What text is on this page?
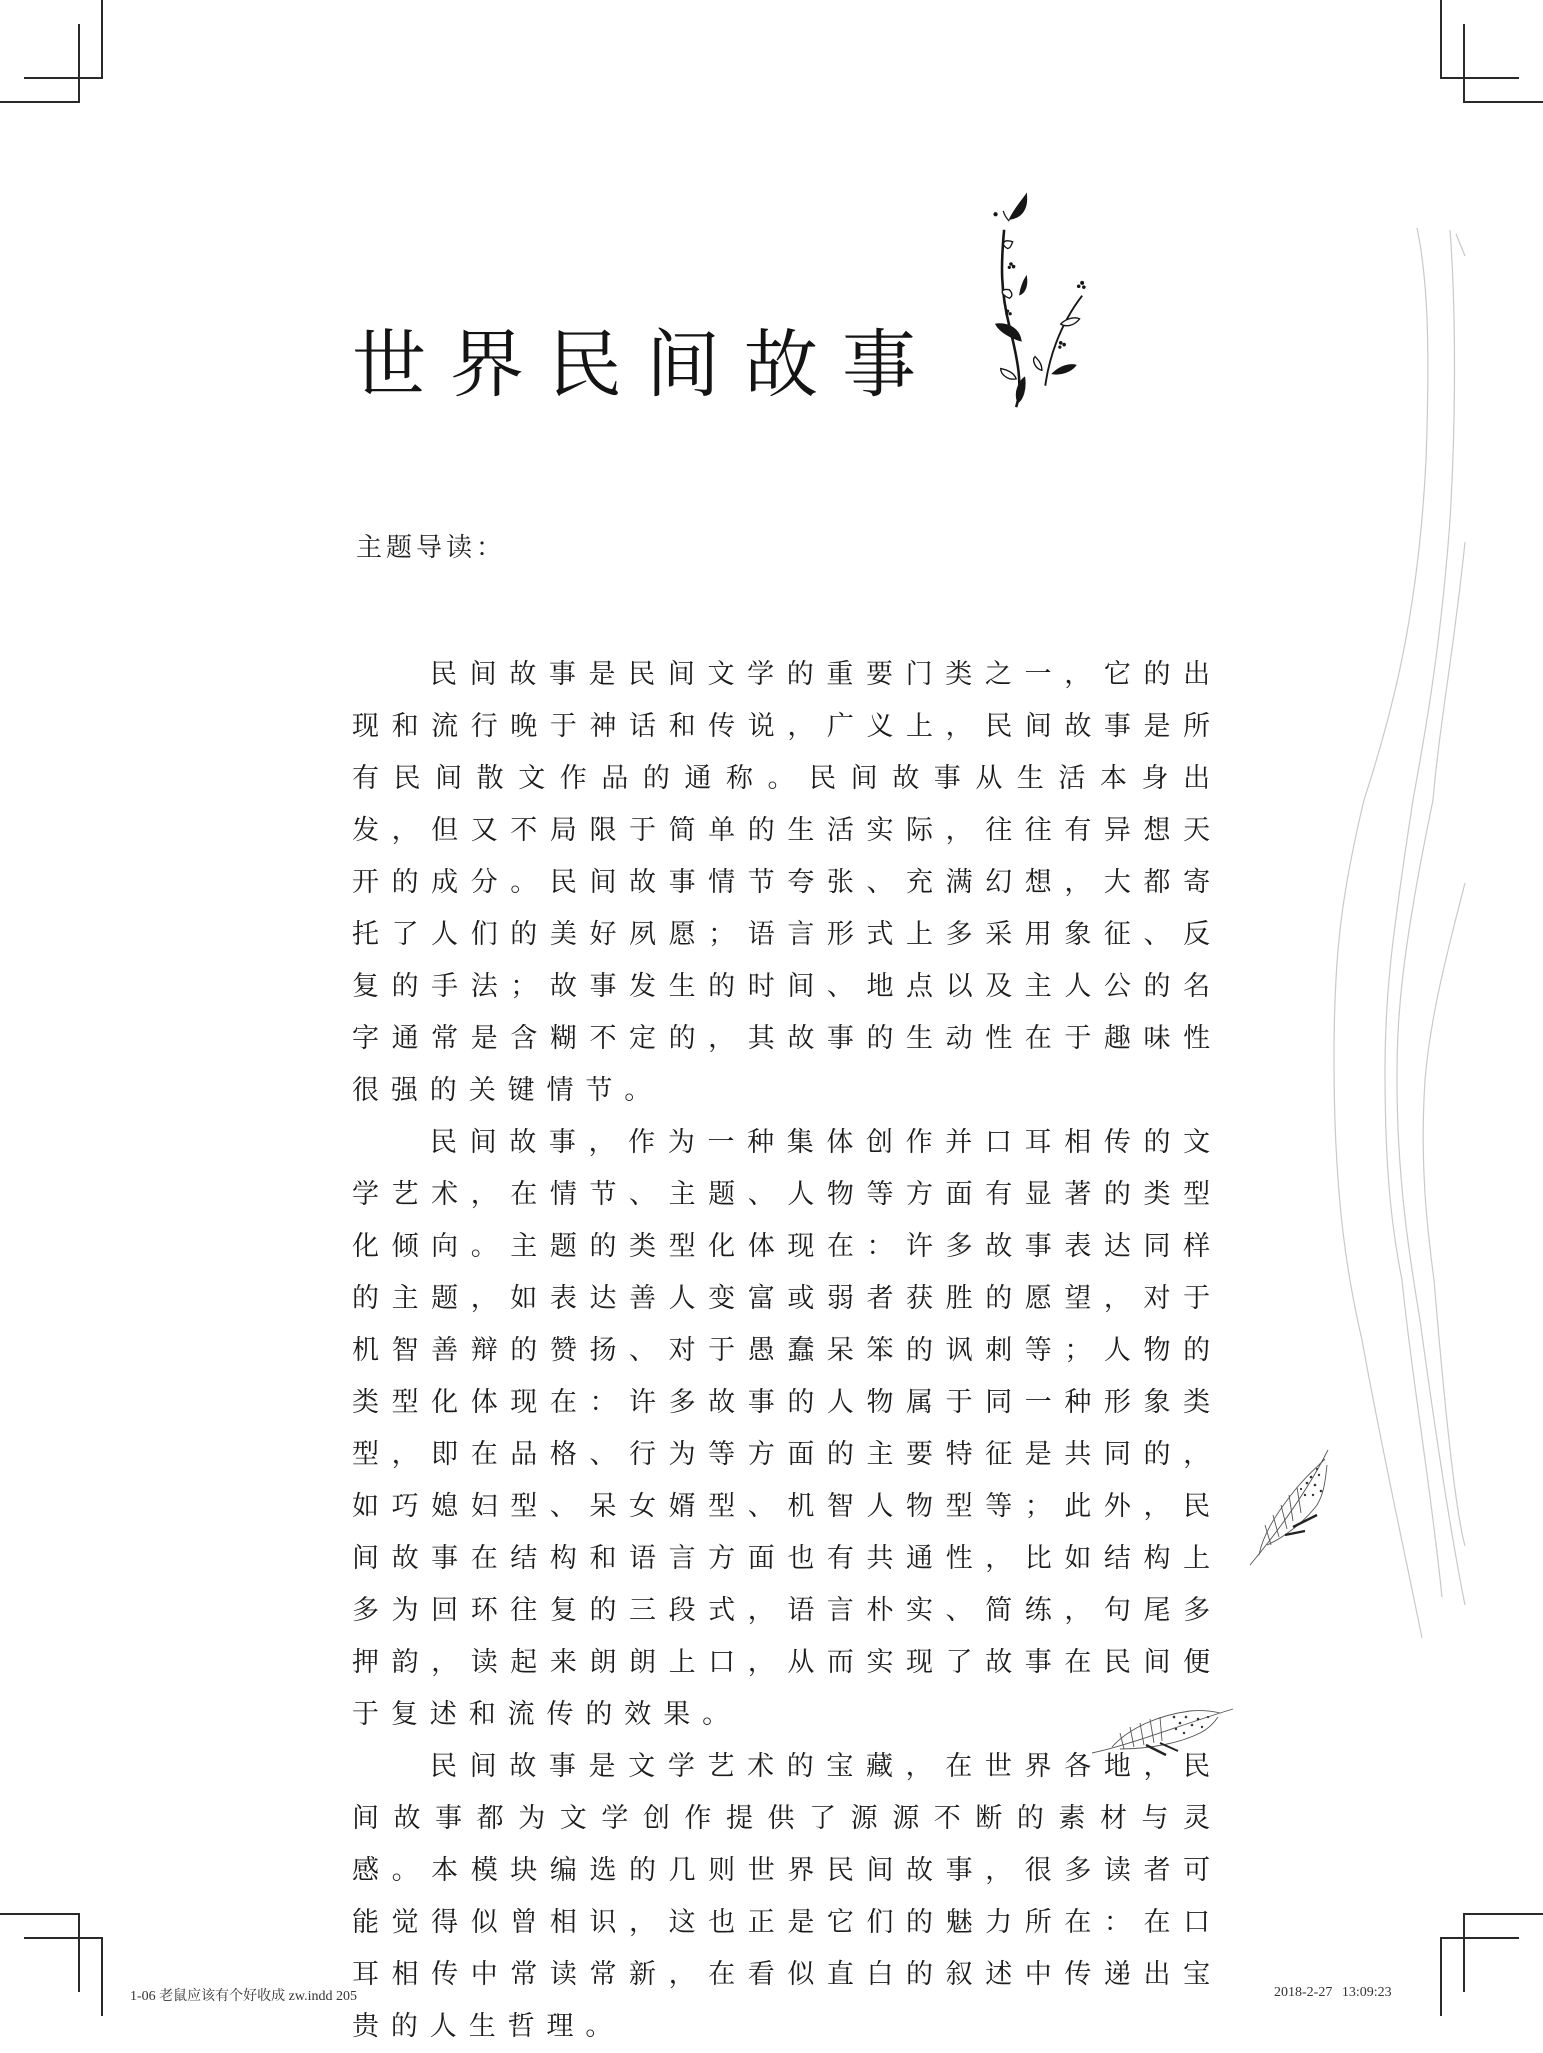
世界民间故事
主题导读：

民间故事是民间文学的重要门类之一，它的出现和流行晚于神话和传说，广义上，民间故事是所有民间散文作品的通称。民间故事从生活本身出发，但又不局限于简单的生活实际，往往有异想天开的成分。民间故事情节夸张、充满幻想，大都寄托了人们的美好夙愿；语言形式上多采用象征、反复的手法；故事发生的时间、地点以及主人公的名字通常是含糊不定的，其故事的生动性在于趣味性很强的关键情节。

民间故事，作为一种集体创作并口耳相传的文学艺术，在情节、主题、人物等方面有显著的类型化倾向。主题的类型化体现在：许多故事表达同样的主题，如表达善人变富或弱者获胜的愿望，对于机智善辩的赞扬、对于愚蠢呆笨的讽刺等；人物的类型化体现在：许多故事的人物属于同一种形象类型，即在品格、行为等方面的主要特征是共同的，如巧媳妇型、呆女婿型、机智人物型等；此外，民间故事在结构和语言方面也有共通性，比如结构上多为回环往复的三段式，语言朴实、简练，句尾多押韵，读起来朗朗上口，从而实现了故事在民间便于复述和流传的效果。

民间故事是文学艺术的宝藏，在世界各地，民间故事都为文学创作提供了源源不断的素材与灵感。本模块编选的几则世界民间故事，很多读者可能觉得似曾相识，这也正是它们的魅力所在：在口耳相传中常读常新，在看似直白的叙述中传递出宝贵的人生哲理。

1-06 老鼠应该有个好收成 zw.indd 205	2018-2-27 13:09:23
